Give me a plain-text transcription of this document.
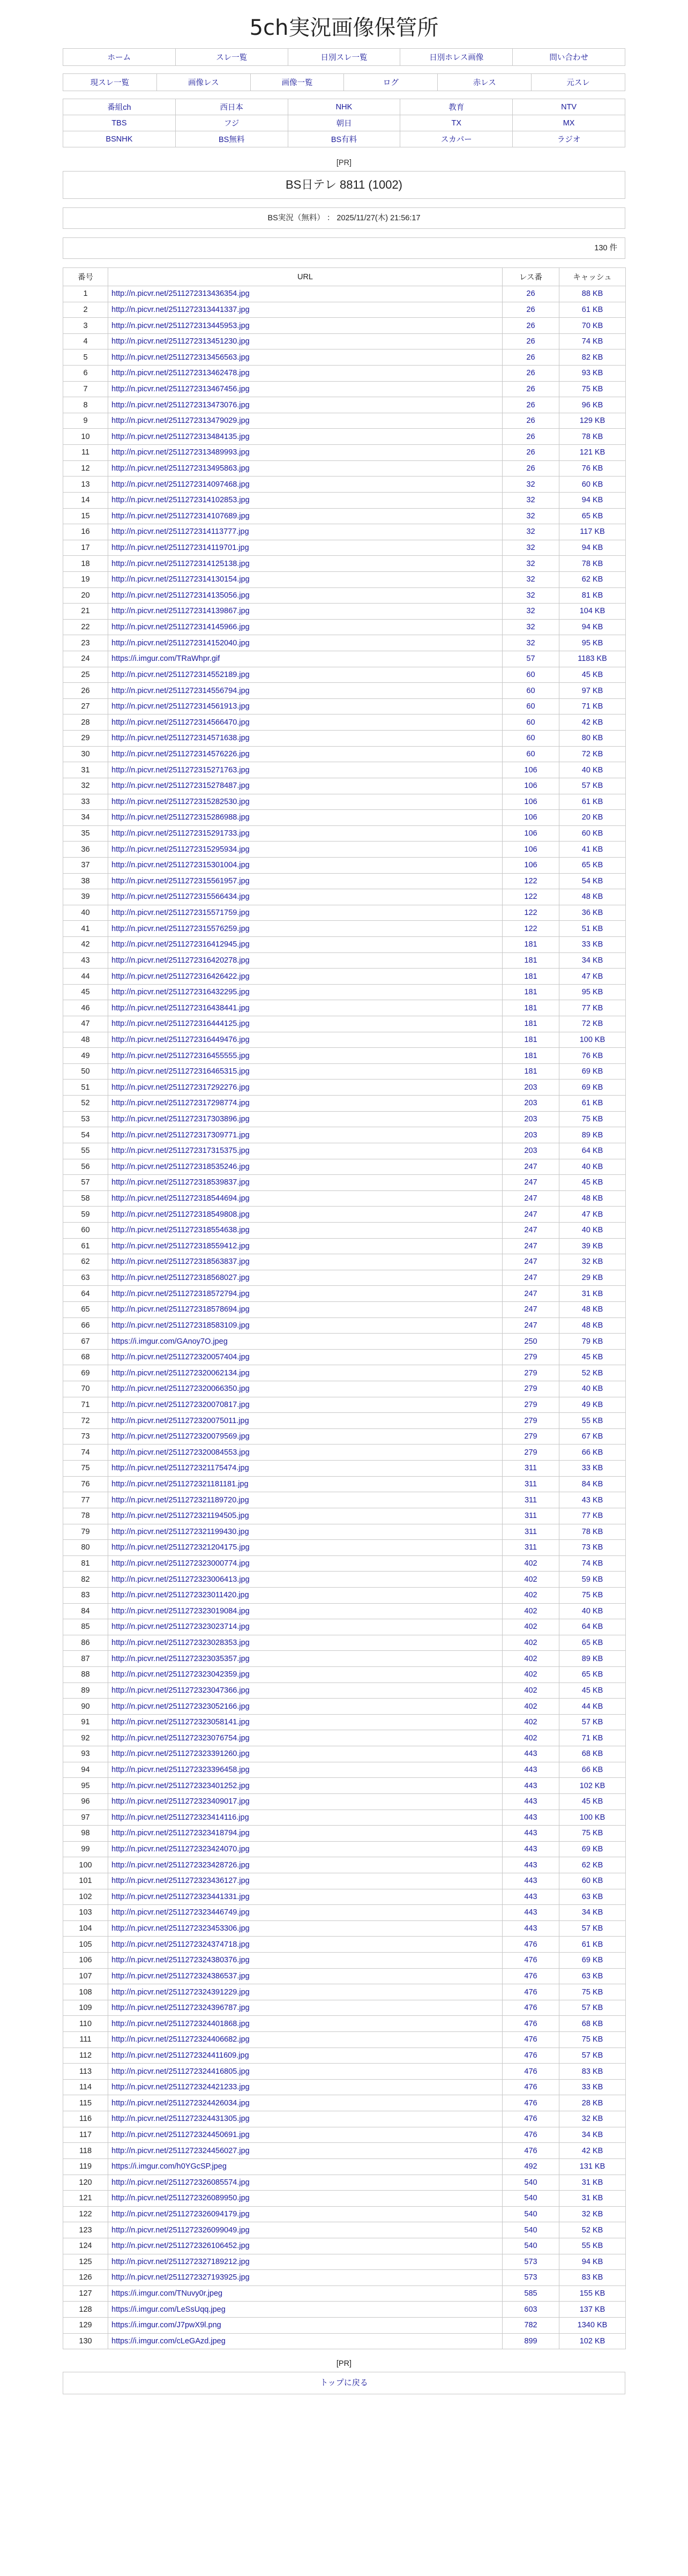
5ch実況画像保管所
ホーム	スレ一覧	日別スレ一覧	日別ホレス画像	問い合わせ
現スレ一覧	画像レス	画像一覧	ログ	赤レス	元スレ
番組ch	西日本	NHK	教育	NTV
TBS	フジ	朝日	TX	MX
BSNHK	BS無料	BS有料	スカパー	ラジオ
[PR]
BS日テレ 8811 (1002)
BS実況（無料） ： 2025/11/27(木) 21:56:17
130 件
番号	URL	レス番	キャッシュ
1	http://n.picvr.net/2511272313436354.jpg	26	88 KB
2	http://n.picvr.net/2511272313441337.jpg	26	61 KB
3	http://n.picvr.net/2511272313445953.jpg	26	70 KB
4	http://n.picvr.net/2511272313451230.jpg	26	74 KB
5	http://n.picvr.net/2511272313456563.jpg	26	82 KB
6	http://n.picvr.net/2511272313462478.jpg	26	93 KB
7	http://n.picvr.net/2511272313467456.jpg	26	75 KB
8	http://n.picvr.net/2511272313473076.jpg	26	96 KB
9	http://n.picvr.net/2511272313479029.jpg	26	129 KB
10	http://n.picvr.net/2511272313484135.jpg	26	78 KB
11	http://n.picvr.net/2511272313489993.jpg	26	121 KB
12	http://n.picvr.net/2511272313495863.jpg	26	76 KB
13	http://n.picvr.net/2511272314097468.jpg	32	60 KB
14	http://n.picvr.net/2511272314102853.jpg	32	94 KB
15	http://n.picvr.net/2511272314107689.jpg	32	65 KB
16	http://n.picvr.net/2511272314113777.jpg	32	117 KB
17	http://n.picvr.net/2511272314119701.jpg	32	94 KB
18	http://n.picvr.net/2511272314125138.jpg	32	78 KB
19	http://n.picvr.net/2511272314130154.jpg	32	62 KB
20	http://n.picvr.net/2511272314135056.jpg	32	81 KB
21	http://n.picvr.net/2511272314139867.jpg	32	104 KB
22	http://n.picvr.net/2511272314145966.jpg	32	94 KB
23	http://n.picvr.net/2511272314152040.jpg	32	95 KB
24	https://i.imgur.com/TRaWhpr.gif	57	1183 KB
25	http://n.picvr.net/2511272314552189.jpg	60	45 KB
26	http://n.picvr.net/2511272314556794.jpg	60	97 KB
27	http://n.picvr.net/2511272314561913.jpg	60	71 KB
28	http://n.picvr.net/2511272314566470.jpg	60	42 KB
29	http://n.picvr.net/2511272314571638.jpg	60	80 KB
30	http://n.picvr.net/2511272314576226.jpg	60	72 KB
31	http://n.picvr.net/2511272315271763.jpg	106	40 KB
32	http://n.picvr.net/2511272315278487.jpg	106	57 KB
33	http://n.picvr.net/2511272315282530.jpg	106	61 KB
34	http://n.picvr.net/2511272315286988.jpg	106	20 KB
35	http://n.picvr.net/2511272315291733.jpg	106	60 KB
36	http://n.picvr.net/2511272315295934.jpg	106	41 KB
37	http://n.picvr.net/2511272315301004.jpg	106	65 KB
38	http://n.picvr.net/2511272315561957.jpg	122	54 KB
39	http://n.picvr.net/2511272315566434.jpg	122	48 KB
40	http://n.picvr.net/2511272315571759.jpg	122	36 KB
41	http://n.picvr.net/2511272315576259.jpg	122	51 KB
42	http://n.picvr.net/2511272316412945.jpg	181	33 KB
43	http://n.picvr.net/2511272316420278.jpg	181	34 KB
44	http://n.picvr.net/2511272316426422.jpg	181	47 KB
45	http://n.picvr.net/2511272316432295.jpg	181	95 KB
46	http://n.picvr.net/2511272316438441.jpg	181	77 KB
47	http://n.picvr.net/2511272316444125.jpg	181	72 KB
48	http://n.picvr.net/2511272316449476.jpg	181	100 KB
49	http://n.picvr.net/2511272316455555.jpg	181	76 KB
50	http://n.picvr.net/2511272316465315.jpg	181	69 KB
51	http://n.picvr.net/2511272317292276.jpg	203	69 KB
52	http://n.picvr.net/2511272317298774.jpg	203	61 KB
53	http://n.picvr.net/2511272317303896.jpg	203	75 KB
54	http://n.picvr.net/2511272317309771.jpg	203	89 KB
55	http://n.picvr.net/2511272317315375.jpg	203	64 KB
56	http://n.picvr.net/2511272318535246.jpg	247	40 KB
57	http://n.picvr.net/2511272318539837.jpg	247	45 KB
58	http://n.picvr.net/2511272318544694.jpg	247	48 KB
59	http://n.picvr.net/2511272318549808.jpg	247	47 KB
60	http://n.picvr.net/2511272318554638.jpg	247	40 KB
61	http://n.picvr.net/2511272318559412.jpg	247	39 KB
62	http://n.picvr.net/2511272318563837.jpg	247	32 KB
63	http://n.picvr.net/2511272318568027.jpg	247	29 KB
64	http://n.picvr.net/2511272318572794.jpg	247	31 KB
65	http://n.picvr.net/2511272318578694.jpg	247	48 KB
66	http://n.picvr.net/2511272318583109.jpg	247	48 KB
67	https://i.imgur.com/GAnoy7O.jpeg	250	79 KB
68	http://n.picvr.net/2511272320057404.jpg	279	45 KB
69	http://n.picvr.net/2511272320062134.jpg	279	52 KB
70	http://n.picvr.net/2511272320066350.jpg	279	40 KB
71	http://n.picvr.net/2511272320070817.jpg	279	49 KB
72	http://n.picvr.net/2511272320075011.jpg	279	55 KB
73	http://n.picvr.net/2511272320079569.jpg	279	67 KB
74	http://n.picvr.net/2511272320084553.jpg	279	66 KB
75	http://n.picvr.net/2511272321175474.jpg	311	33 KB
76	http://n.picvr.net/2511272321181181.jpg	311	84 KB
77	http://n.picvr.net/2511272321189720.jpg	311	43 KB
78	http://n.picvr.net/2511272321194505.jpg	311	77 KB
79	http://n.picvr.net/2511272321199430.jpg	311	78 KB
80	http://n.picvr.net/2511272321204175.jpg	311	73 KB
81	http://n.picvr.net/2511272323000774.jpg	402	74 KB
82	http://n.picvr.net/2511272323006413.jpg	402	59 KB
83	http://n.picvr.net/2511272323011420.jpg	402	75 KB
84	http://n.picvr.net/2511272323019084.jpg	402	40 KB
85	http://n.picvr.net/2511272323023714.jpg	402	64 KB
86	http://n.picvr.net/2511272323028353.jpg	402	65 KB
87	http://n.picvr.net/2511272323035357.jpg	402	89 KB
88	http://n.picvr.net/2511272323042359.jpg	402	65 KB
89	http://n.picvr.net/2511272323047366.jpg	402	45 KB
90	http://n.picvr.net/2511272323052166.jpg	402	44 KB
91	http://n.picvr.net/2511272323058141.jpg	402	57 KB
92	http://n.picvr.net/2511272323076754.jpg	402	71 KB
93	http://n.picvr.net/2511272323391260.jpg	443	68 KB
94	http://n.picvr.net/2511272323396458.jpg	443	66 KB
95	http://n.picvr.net/2511272323401252.jpg	443	102 KB
96	http://n.picvr.net/2511272323409017.jpg	443	45 KB
97	http://n.picvr.net/2511272323414116.jpg	443	100 KB
98	http://n.picvr.net/2511272323418794.jpg	443	75 KB
99	http://n.picvr.net/2511272323424070.jpg	443	69 KB
100	http://n.picvr.net/2511272323428726.jpg	443	62 KB
101	http://n.picvr.net/2511272323436127.jpg	443	60 KB
102	http://n.picvr.net/2511272323441331.jpg	443	63 KB
103	http://n.picvr.net/2511272323446749.jpg	443	34 KB
104	http://n.picvr.net/2511272323453306.jpg	443	57 KB
105	http://n.picvr.net/2511272324374718.jpg	476	61 KB
106	http://n.picvr.net/2511272324380376.jpg	476	69 KB
107	http://n.picvr.net/2511272324386537.jpg	476	63 KB
108	http://n.picvr.net/2511272324391229.jpg	476	75 KB
109	http://n.picvr.net/2511272324396787.jpg	476	57 KB
110	http://n.picvr.net/2511272324401868.jpg	476	68 KB
111	http://n.picvr.net/2511272324406682.jpg	476	75 KB
112	http://n.picvr.net/2511272324411609.jpg	476	57 KB
113	http://n.picvr.net/2511272324416805.jpg	476	83 KB
114	http://n.picvr.net/2511272324421233.jpg	476	33 KB
115	http://n.picvr.net/2511272324426034.jpg	476	28 KB
116	http://n.picvr.net/2511272324431305.jpg	476	32 KB
117	http://n.picvr.net/2511272324450691.jpg	476	34 KB
118	http://n.picvr.net/2511272324456027.jpg	476	42 KB
119	https://i.imgur.com/h0YGcSP.jpeg	492	131 KB
120	http://n.picvr.net/2511272326085574.jpg	540	31 KB
121	http://n.picvr.net/2511272326089950.jpg	540	31 KB
122	http://n.picvr.net/2511272326094179.jpg	540	32 KB
123	http://n.picvr.net/2511272326099049.jpg	540	52 KB
124	http://n.picvr.net/2511272326106452.jpg	540	55 KB
125	http://n.picvr.net/2511272327189212.jpg	573	94 KB
126	http://n.picvr.net/2511272327193925.jpg	573	83 KB
127	https://i.imgur.com/TNuvy0r.jpeg	585	155 KB
128	https://i.imgur.com/LeSsUqq.jpeg	603	137 KB
129	https://i.imgur.com/J7pwX9l.png	782	1340 KB
130	https://i.imgur.com/cLeGAzd.jpeg	899	102 KB
[PR]
トップに戻る
